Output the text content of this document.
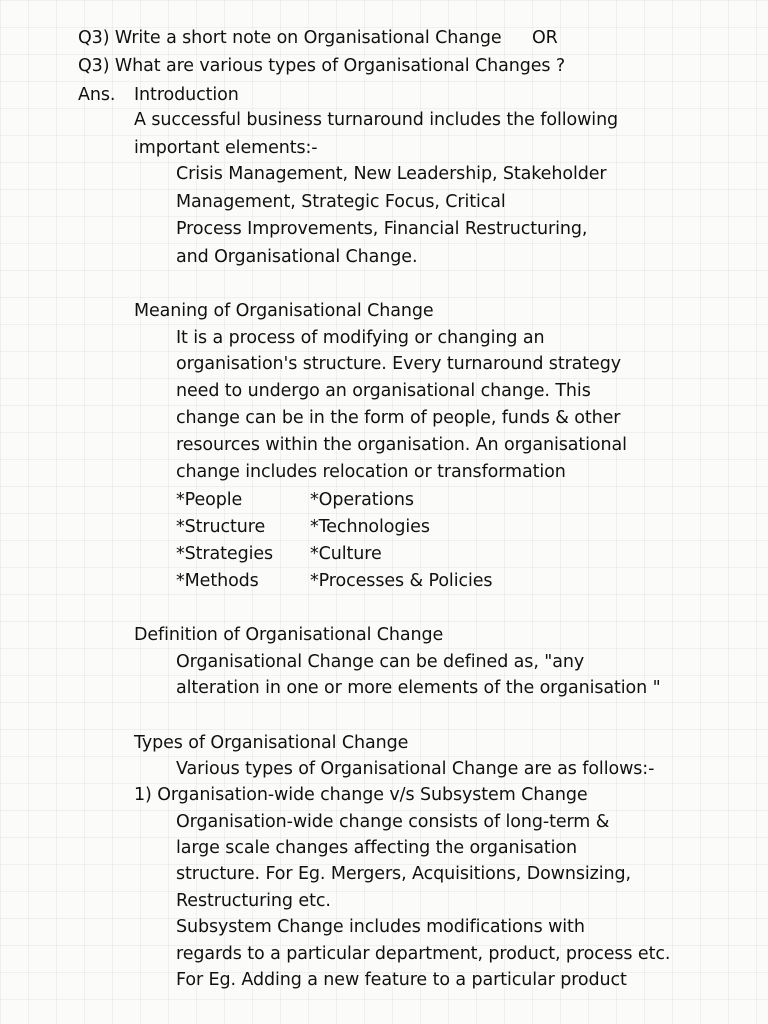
Q3) Write a short note on Organisational Change OR
Q3) What are various types of Organisational Changes ?
Ans. Introduction
A successful business turnaround includes the following
important elements:-
Crisis Management, New Leadership, Stakeholder
Management, Strategic Focus, Critical
Process Improvements, Financial Restructuring,
and Organisational Change.
Meaning of Organisational Change
It is a process of modifying or changing an
organisation's structure. Every turnaround strategy
need to undergo an organisational change. This
change can be in the form of people, funds & other
resources within the organisation. An organisational
change includes relocation or transformation
*People	*Operations
*Structure	*Technologies
*Strategies *Culture
*Methods	*Processes & Policies
Definition of Organisational Change
Organisational Change can be defined as, "any
alteration in one or more elements of the organisation "
Types of Organisational Change
Various types of Organisational Change are as follows:-
1) Organisation-wide change v/s Subsystem Change
Organisation-wide change consists of long-term &
large scale changes affecting the organisation
structure. For Eg. Mergers, Acquisitions, Downsizing,
Restructuring etc.
Subsystem Change includes modifications with
regards to a particular department, product, process etc.
For Eg. Adding a new feature to a particular product
